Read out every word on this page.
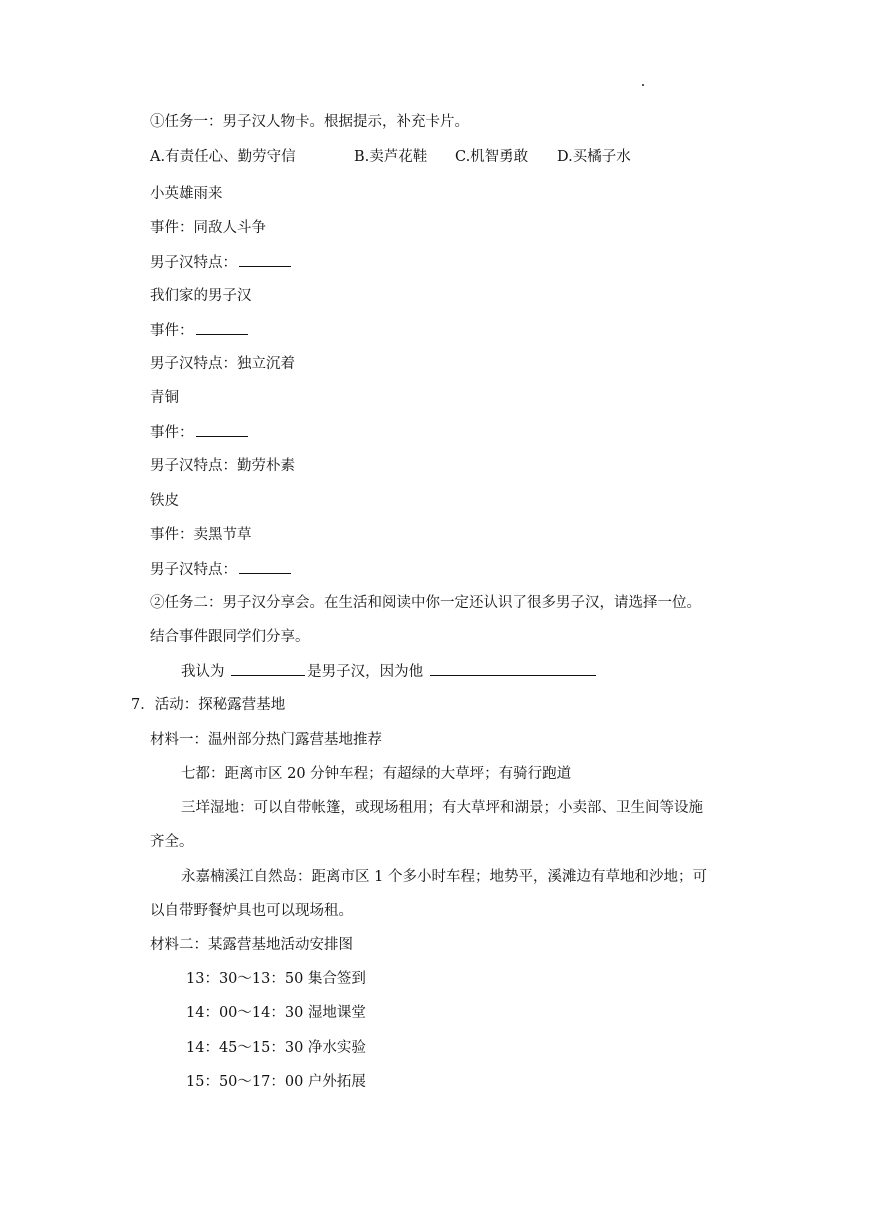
①任务一：男子汉人物卡。根据提示，补充卡片。
A.有责任心、勤劳守信	B.卖芦花鞋 C.机智勇敢 D.买橘子水
小英雄雨来
事件：同敌人斗争
男子汉特点：
我们家的男子汉
事件：
男子汉特点：独立沉着
青铜
事件：
男子汉特点：勤劳朴素
铁皮
事件：卖黑节草
男子汉特点：
②任务二：男子汉分享会。在生活和阅读中你一定还认识了很多男子汉，请选择一位。
结合事件跟同学们分享。
我认为	是男子汉，因为他
7．活动：探秘露营基地
材料一：温州部分热门露营基地推荐
七都：距离市区 20 分钟车程；有超绿的大草坪；有骑行跑道
三垟湿地：可以自带帐篷，或现场租用；有大草坪和湖景；小卖部、卫生间等设施
齐全。
永嘉楠溪江自然岛：距离市区 1 个多小时车程；地势平，溪滩边有草地和沙地；可
以自带野餐炉具也可以现场租。
材料二：某露营基地活动安排图
13：30～13：50 集合签到
14：00～14：30 湿地课堂
14：45～15：30 净水实验
15：50～17：00 户外拓展
